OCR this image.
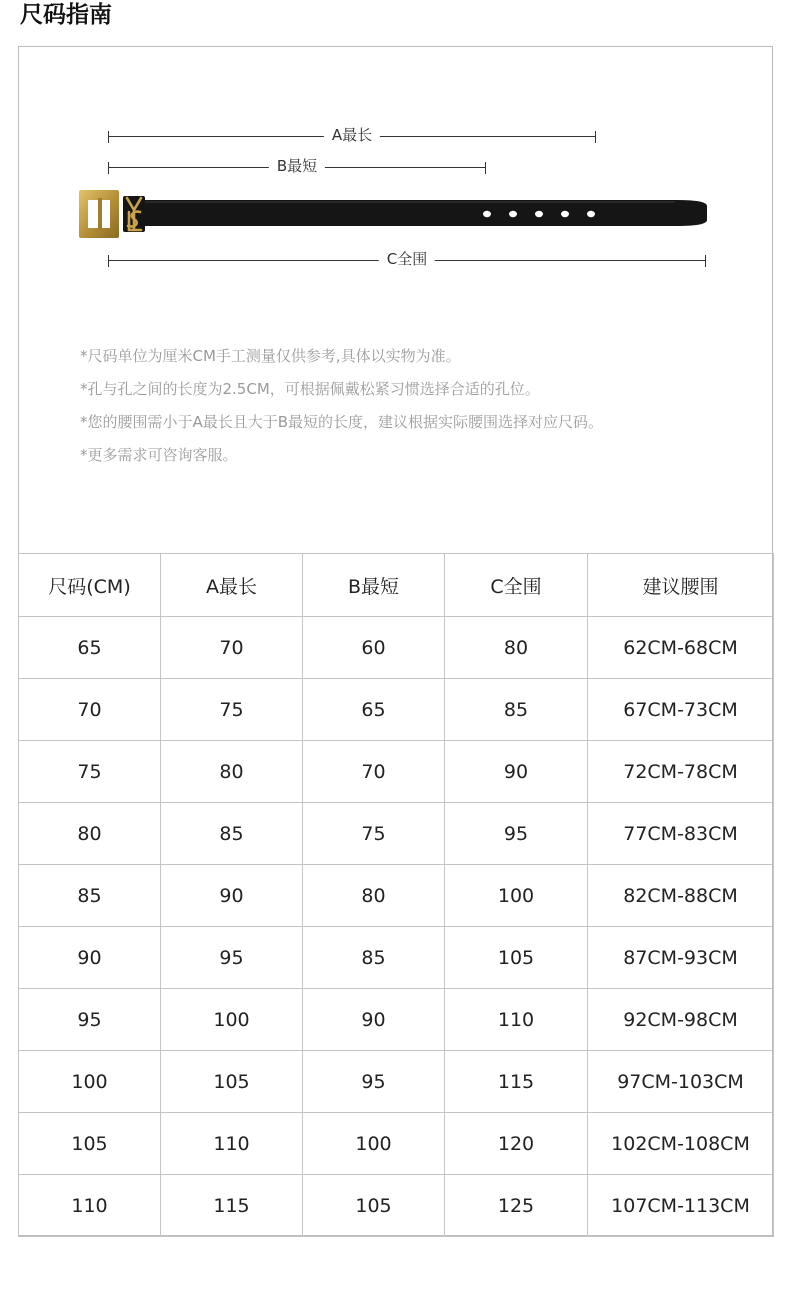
尺码指南
A最长
B最短
C全围

*尺码单位为厘米CM手工测量仅供参考,具体以实物为准。

*孔与孔之间的长度为2.5CM，可根据佩戴松紧习惯选择合适的孔位。

*您的腰围需小于A最长且大于B最短的长度，建议根据实际腰围选择对应尺码。

*更多需求可咨询客服。

尺码(CM)	A最长	B最短	C全围	建议腰围
65	70	60	80	62CM-68CM
70	75	65	85	67CM-73CM
75	80	70	90	72CM-78CM
80	85	75	95	77CM-83CM
85	90	80	100	82CM-88CM
90	95	85	105	87CM-93CM
95	100	90	110	92CM-98CM
100	105	95	115	97CM-103CM
105	110	100	120	102CM-108CM
110	115	105	125	107CM-113CM
